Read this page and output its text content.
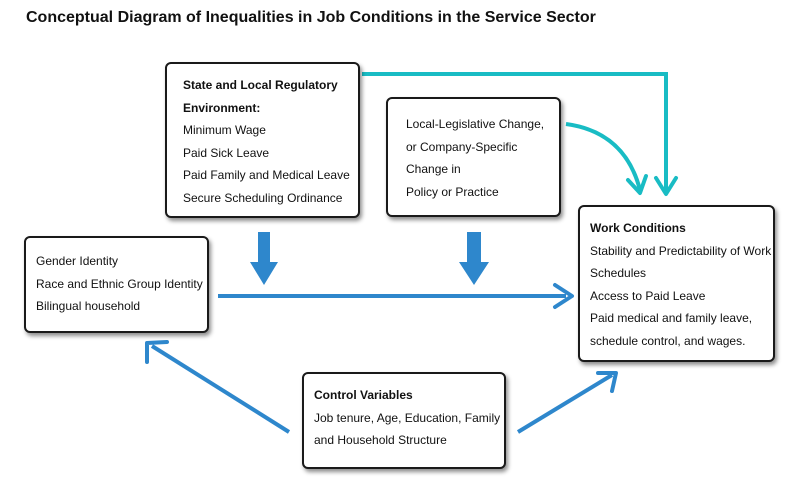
Conceptual Diagram of Inequalities in Job Conditions in the Service Sector
State and Local Regulatory
Environment:
Minimum Wage
Paid Sick Leave
Paid Family and Medical Leave
Secure Scheduling Ordinance
Local-Legislative Change,
or Company-Specific
Change in
Policy or Practice
Gender Identity
Race and Ethnic Group Identity
Bilingual household
Work Conditions
Stability and Predictability of Work
Schedules
Access to Paid Leave
Paid medical and family leave,
schedule control, and wages.
Control Variables
Job tenure, Age, Education, Family
and Household Structure
